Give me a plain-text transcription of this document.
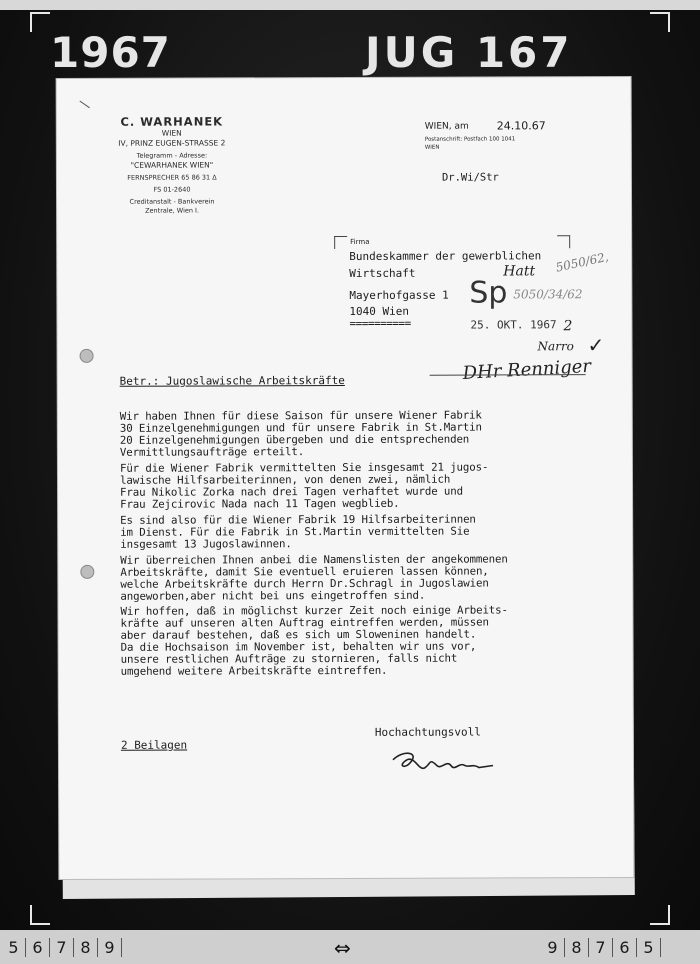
1967	JUG 167
C. WARHANEK
WIEN
IV, PRINZ EUGEN-STRASSE 2
Telegramm - Adresse:
"CEWARHANEK WIEN"
FERNSPRECHER 65 86 31 Δ
FS 01-2640
Creditanstalt - Bankverein
Zentrale, Wien I.
WIEN, am	24.10.67
Postanschrift: Postfach 100 1041 WIEN
Dr.Wi/Str
Firma
Bundeskammer der gewerblichen
Wirtschaft
Mayerhofgasse 1
1040 Wien
==========
Sp
25. OKT. 1967
Hatt 5050/62,
5050/34/62
2
Narro
DHr Renniger
✓
Betr.: Jugoslawische Arbeitskräfte
Wir haben Ihnen für diese Saison für unsere Wiener Fabrik
30 Einzelgenehmigungen und für unsere Fabrik in St.Martin
20 Einzelgenehmigungen übergeben und die entsprechenden
Vermittlungsaufträge erteilt.
Für die Wiener Fabrik vermittelten Sie insgesamt 21 jugos-
lawische Hilfsarbeiterinnen, von denen zwei, nämlich
Frau Nikolic Zorka nach drei Tagen verhaftet wurde und
Frau Zejcirovic Nada nach 11 Tagen wegblieb.
Es sind also für die Wiener Fabrik 19 Hilfsarbeiterinnen
im Dienst. Für die Fabrik in St.Martin vermittelten Sie
insgesamt 13 Jugoslawinnen.
Wir überreichen Ihnen anbei die Namenslisten der angekommenen
Arbeitskräfte, damit Sie eventuell eruieren lassen können,
welche Arbeitskräfte durch Herrn Dr.Schragl in Jugoslawien
angeworben,aber nicht bei uns eingetroffen sind.
Wir hoffen, daß in möglichst kurzer Zeit noch einige Arbeits-
kräfte auf unseren alten Auftrag eintreffen werden, müssen
aber darauf bestehen, daß es sich um Sloweninen handelt.
Da die Hochsaison im November ist, behalten wir uns vor,
unsere restlichen Aufträge zu stornieren, falls nicht
umgehend weitere Arbeitskräfte eintreffen.
Hochachtungsvoll
2 Beilagen
5 6 7 8 9	⇔	9 8 7 6 5
